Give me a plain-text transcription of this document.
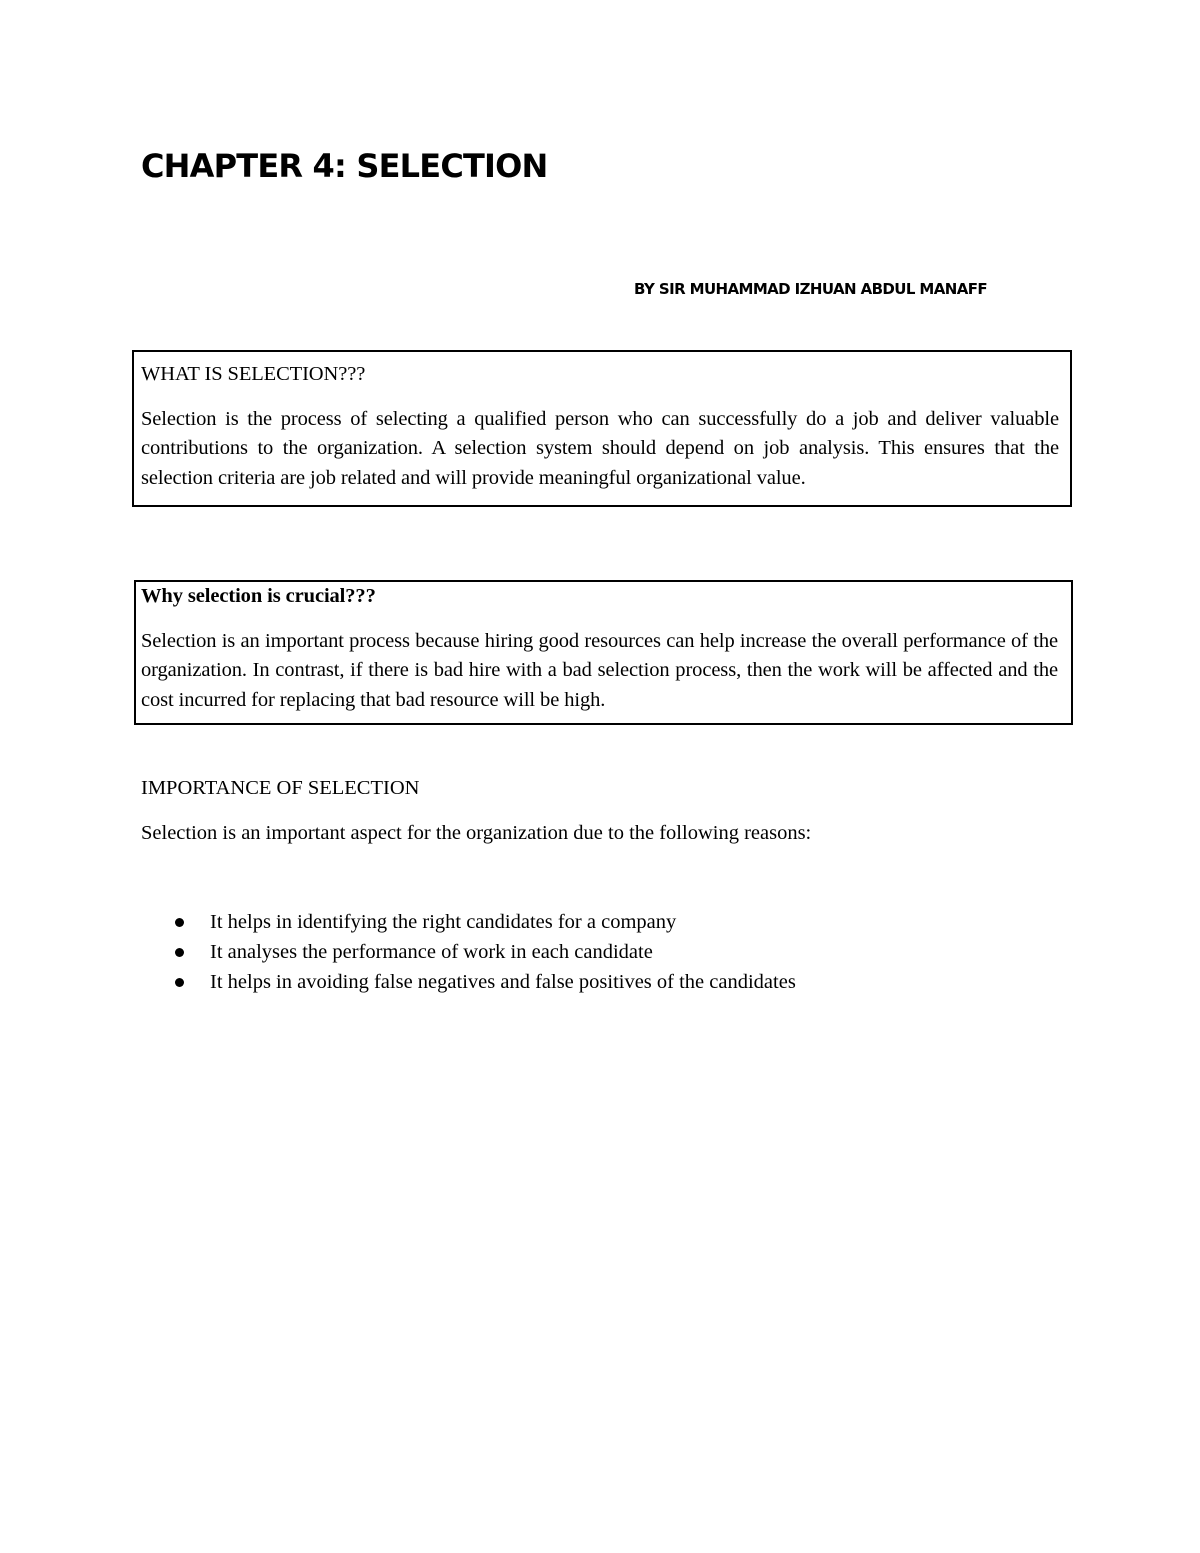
CHAPTER 4: SELECTION
BY SIR MUHAMMAD IZHUAN ABDUL MANAFF
WHAT IS SELECTION???

Selection is the process of selecting a qualified person who can successfully do a job and deliver valuable contributions to the organization. A selection system should depend on job analysis. This ensures that the selection criteria are job related and will provide meaningful organizational value.

Why selection is crucial???

Selection is an important process because hiring good resources can help increase the overall performance of the organization. In contrast, if there is bad hire with a bad selection process, then the work will be affected and the cost incurred for replacing that bad resource will be high.

IMPORTANCE OF SELECTION

Selection is an important aspect for the organization due to the following reasons:

It helps in identifying the right candidates for a company
It analyses the performance of work in each candidate
It helps in avoiding false negatives and false positives of the candidates
